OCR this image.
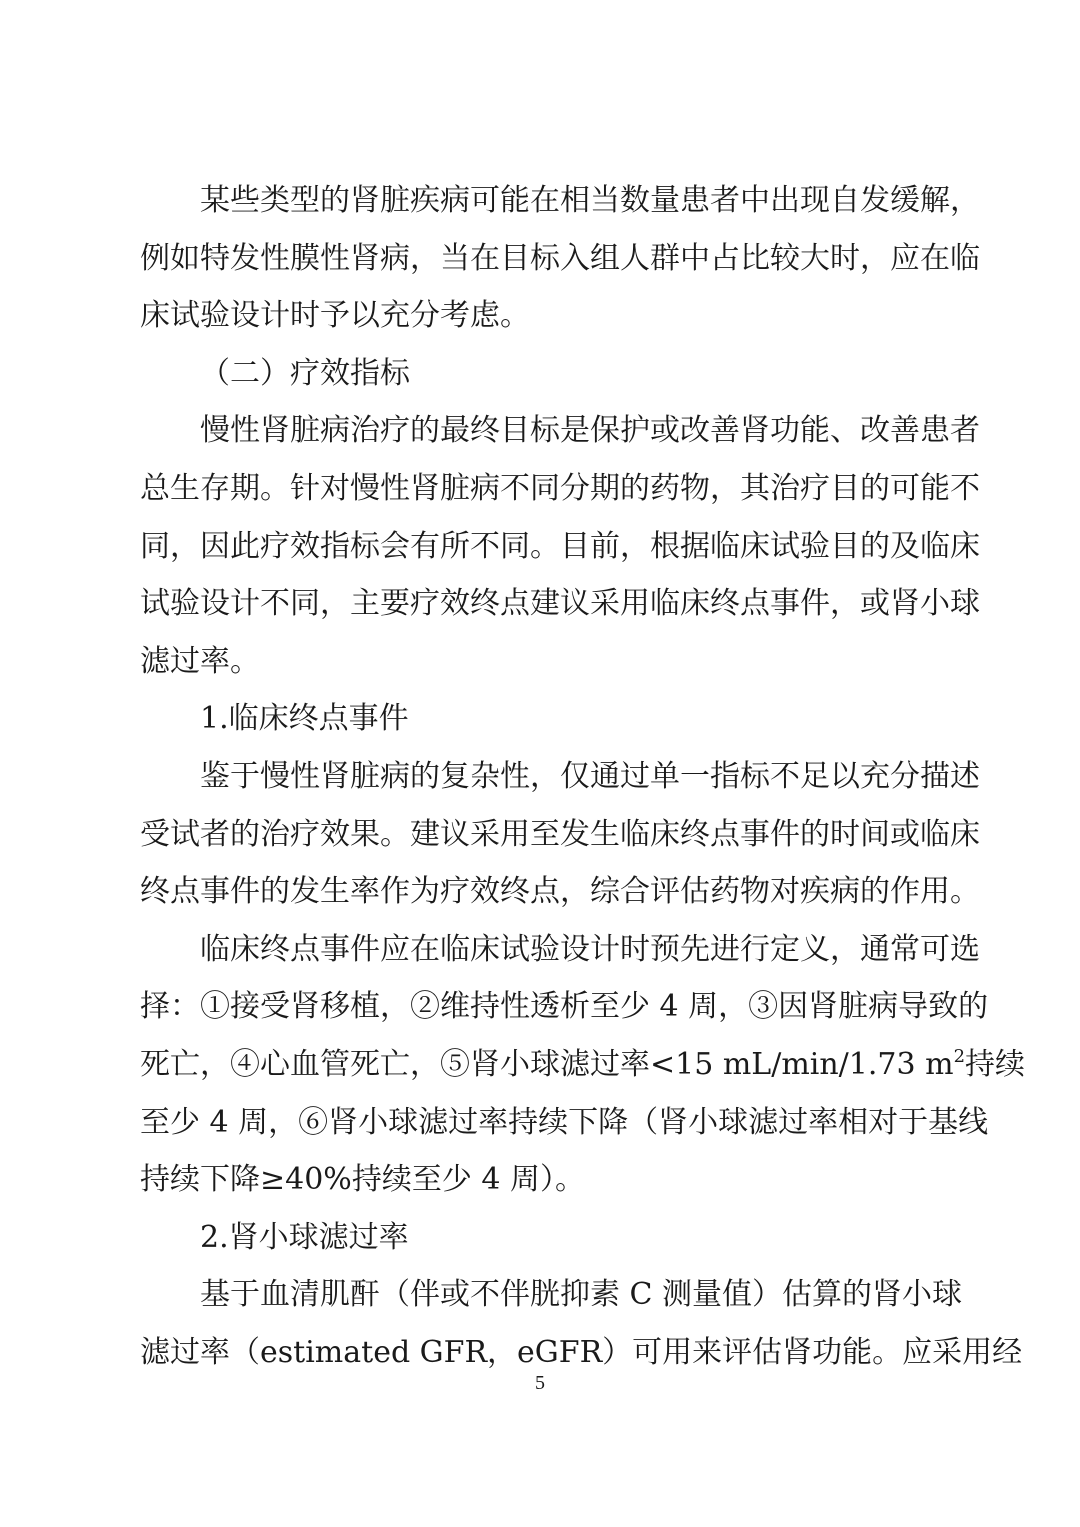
某些类型的肾脏疾病可能在相当数量患者中出现自发缓解，
例如特发性膜性肾病，当在目标入组人群中占比较大时，应在临
床试验设计时予以充分考虑。
（二）疗效指标
慢性肾脏病治疗的最终目标是保护或改善肾功能、改善患者
总生存期。针对慢性肾脏病不同分期的药物，其治疗目的可能不
同，因此疗效指标会有所不同。目前，根据临床试验目的及临床
试验设计不同，主要疗效终点建议采用临床终点事件，或肾小球
滤过率。
1.临床终点事件
鉴于慢性肾脏病的复杂性，仅通过单一指标不足以充分描述
受试者的治疗效果。建议采用至发生临床终点事件的时间或临床
终点事件的发生率作为疗效终点，综合评估药物对疾病的作用。
临床终点事件应在临床试验设计时预先进行定义，通常可选
择：①接受肾移植，②维持性透析至少 4 周，③因肾脏病导致的
死亡，④心血管死亡，⑤肾小球滤过率<15 mL/min/1.73 $m^2$持续
至少 4 周，⑥肾小球滤过率持续下降（肾小球滤过率相对于基线
持续下降≥40%持续至少 4 周）。
2.肾小球滤过率
基于血清肌酐（伴或不伴胱抑素 C 测量值）估算的肾小球
滤过率（estimated GFR，eGFR）可用来评估肾功能。应采用经
5
